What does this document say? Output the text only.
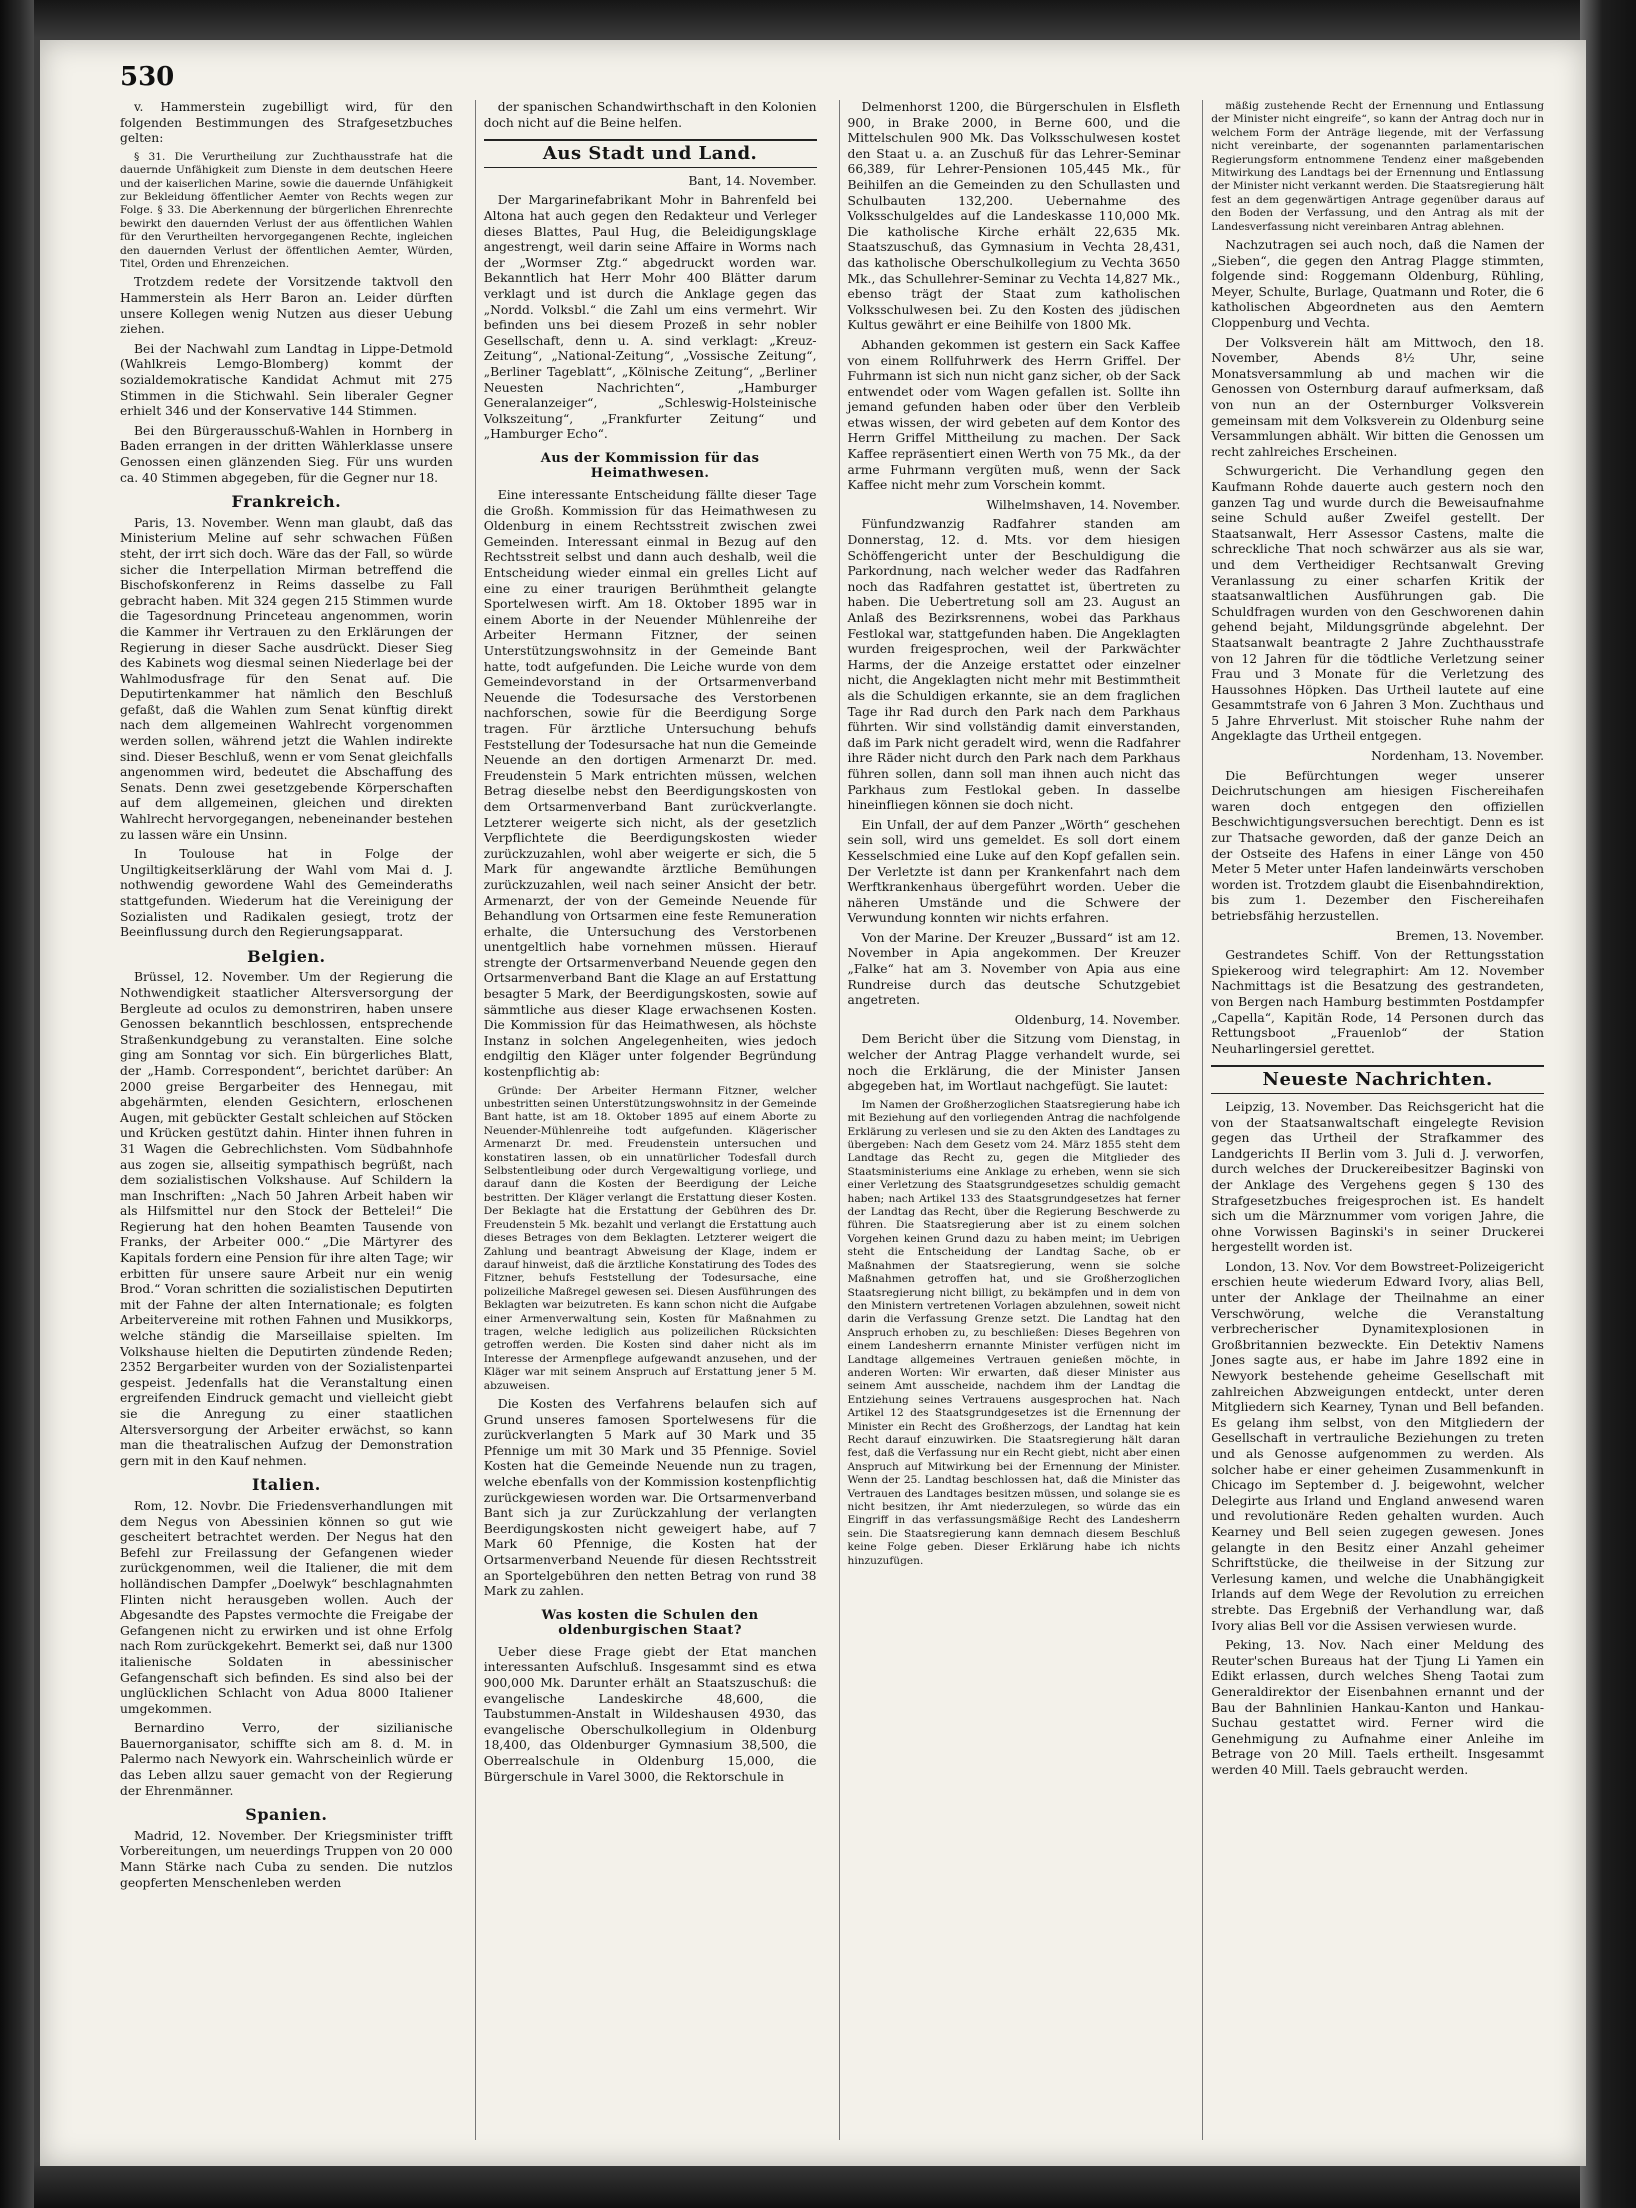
530

v. Hammerstein zugebilligt wird, für den folgenden Bestimmungen des Strafgesetzbuches gelten:

§ 31. Die Verurtheilung zur Zuchthausstrafe hat die dauernde Unfähigkeit zum Dienste in dem deutschen Heere und der kaiserlichen Marine, sowie die dauernde Unfähigkeit zur Bekleidung öffentlicher Aemter von Rechts wegen zur Folge. § 33. Die Aberkennung der bürgerlichen Ehrenrechte bewirkt den dauernden Verlust der aus öffentlichen Wahlen für den Verurtheilten hervorgegangenen Rechte, ingleichen den dauernden Verlust der öffentlichen Aemter, Würden, Titel, Orden und Ehrenzeichen.

Trotzdem redete der Vorsitzende taktvoll den Hammerstein als Herr Baron an. Leider dürften unsere Kollegen wenig Nutzen aus dieser Uebung ziehen.

Bei der Nachwahl zum Landtag in Lippe-Detmold (Wahlkreis Lemgo-Blomberg) kommt der sozialdemokratische Kandidat Achmut mit 275 Stimmen in die Stichwahl. Sein liberaler Gegner erhielt 346 und der Konservative 144 Stimmen.

Bei den Bürgerausschuß-Wahlen in Hornberg in Baden errangen in der dritten Wählerklasse unsere Genossen einen glänzenden Sieg. Für uns wurden ca. 40 Stimmen abgegeben, für die Gegner nur 18.

Frankreich.

Paris, 13. November. Wenn man glaubt, daß das Ministerium Meline auf sehr schwachen Füßen steht, der irrt sich doch. Wäre das der Fall, so würde sicher die Interpellation Mirman betreffend die Bischofskonferenz in Reims dasselbe zu Fall gebracht haben. Mit 324 gegen 215 Stimmen wurde die Tagesordnung Princeteau angenommen, worin die Kammer ihr Vertrauen zu den Erklärungen der Regierung in dieser Sache ausdrückt. Dieser Sieg des Kabinets wog diesmal seinen Niederlage bei der Wahlmodusfrage für den Senat auf. Die Deputirtenkammer hat nämlich den Beschluß gefaßt, daß die Wahlen zum Senat künftig direkt nach dem allgemeinen Wahlrecht vorgenommen werden sollen, während jetzt die Wahlen indirekte sind. Dieser Beschluß, wenn er vom Senat gleichfalls angenommen wird, bedeutet die Abschaffung des Senats. Denn zwei gesetzgebende Körperschaften auf dem allgemeinen, gleichen und direkten Wahlrecht hervorgegangen, nebeneinander bestehen zu lassen wäre ein Unsinn.

In Toulouse hat in Folge der Ungiltigkeitserklärung der Wahl vom Mai d. J. nothwendig gewordene Wahl des Gemeinderaths stattgefunden. Wiederum hat die Vereinigung der Sozialisten und Radikalen gesiegt, trotz der Beeinflussung durch den Regierungsapparat.

Belgien.

Brüssel, 12. November. Um der Regierung die Nothwendigkeit staatlicher Altersversorgung der Bergleute ad oculos zu demonstriren, haben unsere Genossen bekanntlich beschlossen, entsprechende Straßenkundgebung zu veranstalten. Eine solche ging am Sonntag vor sich. Ein bürgerliches Blatt, der „Hamb. Correspondent“, berichtet darüber: An 2000 greise Bergarbeiter des Hennegau, mit abgehärmten, elenden Gesichtern, erloschenen Augen, mit gebückter Gestalt schleichen auf Stöcken und Krücken gestützt dahin. Hinter ihnen fuhren in 31 Wagen die Gebrechlichsten. Vom Südbahnhofe aus zogen sie, allseitig sympathisch begrüßt, nach dem sozialistischen Volkshause. Auf Schildern la man Inschriften: „Nach 50 Jahren Arbeit haben wir als Hilfsmittel nur den Stock der Bettelei!“ Die Regierung hat den hohen Beamten Tausende von Franks, der Arbeiter 000.“ „Die Märtyrer des Kapitals fordern eine Pension für ihre alten Tage; wir erbitten für unsere saure Arbeit nur ein wenig Brod.“ Voran schritten die sozialistischen Deputirten mit der Fahne der alten Internationale; es folgten Arbeitervereine mit rothen Fahnen und Musikkorps, welche ständig die Marseillaise spielten. Im Volkshause hielten die Deputirten zündende Reden; 2352 Bergarbeiter wurden von der Sozialistenpartei gespeist. Jedenfalls hat die Veranstaltung einen ergreifenden Eindruck gemacht und vielleicht giebt sie die Anregung zu einer staatlichen Altersversorgung der Arbeiter erwächst, so kann man die theatralischen Aufzug der Demonstration gern mit in den Kauf nehmen.

Italien.

Rom, 12. Novbr. Die Friedensverhandlungen mit dem Negus von Abessinien können so gut wie gescheitert betrachtet werden. Der Negus hat den Befehl zur Freilassung der Gefangenen wieder zurückgenommen, weil die Italiener, die mit dem holländischen Dampfer „Doelwyk“ beschlagnahmten Flinten nicht herausgeben wollen. Auch der Abgesandte des Papstes vermochte die Freigabe der Gefangenen nicht zu erwirken und ist ohne Erfolg nach Rom zurückgekehrt. Bemerkt sei, daß nur 1300 italienische Soldaten in abessinischer Gefangenschaft sich befinden. Es sind also bei der unglücklichen Schlacht von Adua 8000 Italiener umgekommen.

Bernardino Verro, der sizilianische Bauernorganisator, schiffte sich am 8. d. M. in Palermo nach Newyork ein. Wahrscheinlich würde er das Leben allzu sauer gemacht von der Regierung der Ehrenmänner.

Spanien.

Madrid, 12. November. Der Kriegsminister trifft Vorbereitungen, um neuerdings Truppen von 20 000 Mann Stärke nach Cuba zu senden. Die nutzlos geopferten Menschenleben werden

der spanischen Schandwirthschaft in den Kolonien doch nicht auf die Beine helfen.

Aus Stadt und Land.
Bant, 14. November.

Der Margarinefabrikant Mohr in Bahrenfeld bei Altona hat auch gegen den Redakteur und Verleger dieses Blattes, Paul Hug, die Beleidigungsklage angestrengt, weil darin seine Affaire in Worms nach der „Wormser Ztg.“ abgedruckt worden war. Bekanntlich hat Herr Mohr 400 Blätter darum verklagt und ist durch die Anklage gegen das „Nordd. Volksbl.“ die Zahl um eins vermehrt. Wir befinden uns bei diesem Prozeß in sehr nobler Gesellschaft, denn u. A. sind verklagt: „Kreuz-Zeitung“, „National-Zeitung“, „Vossische Zeitung“, „Berliner Tageblatt“, „Kölnische Zeitung“, „Berliner Neuesten Nachrichten“, „Hamburger Generalanzeiger“, „Schleswig-Holsteinische Volkszeitung“, „Frankfurter Zeitung“ und „Hamburger Echo“.

Aus der Kommission für das Heimathwesen.

Eine interessante Entscheidung fällte dieser Tage die Großh. Kommission für das Heimathwesen zu Oldenburg in einem Rechtsstreit zwischen zwei Gemeinden. Interessant einmal in Bezug auf den Rechtsstreit selbst und dann auch deshalb, weil die Entscheidung wieder einmal ein grelles Licht auf eine zu einer traurigen Berühmtheit gelangte Sportelwesen wirft. Am 18. Oktober 1895 war in einem Aborte in der Neuender Mühlenreihe der Arbeiter Hermann Fitzner, der seinen Unterstützungswohnsitz in der Gemeinde Bant hatte, todt aufgefunden. Die Leiche wurde von dem Gemeindevorstand in der Ortsarmenverband Neuende die Todesursache des Verstorbenen nachforschen, sowie für die Beerdigung Sorge tragen. Für ärztliche Untersuchung behufs Feststellung der Todesursache hat nun die Gemeinde Neuende an den dortigen Armenarzt Dr. med. Freudenstein 5 Mark entrichten müssen, welchen Betrag dieselbe nebst den Beerdigungskosten von dem Ortsarmenverband Bant zurückverlangte. Letzterer weigerte sich nicht, als der gesetzlich Verpflichtete die Beerdigungskosten wieder zurückzuzahlen, wohl aber weigerte er sich, die 5 Mark für angewandte ärztliche Bemühungen zurückzuzahlen, weil nach seiner Ansicht der betr. Armenarzt, der von der Gemeinde Neuende für Behandlung von Ortsarmen eine feste Remuneration erhalte, die Untersuchung des Verstorbenen unentgeltlich habe vornehmen müssen. Hierauf strengte der Ortsarmenverband Neuende gegen den Ortsarmenverband Bant die Klage an auf Erstattung besagter 5 Mark, der Beerdigungskosten, sowie auf sämmtliche aus dieser Klage erwachsenen Kosten. Die Kommission für das Heimathwesen, als höchste Instanz in solchen Angelegenheiten, wies jedoch endgiltig den Kläger unter folgender Begründung kostenpflichtig ab:

Gründe: Der Arbeiter Hermann Fitzner, welcher unbestritten seinen Unterstützungswohnsitz in der Gemeinde Bant hatte, ist am 18. Oktober 1895 auf einem Aborte zu Neuender-Mühlenreihe todt aufgefunden. Klägerischer Armenarzt Dr. med. Freudenstein untersuchen und konstatiren lassen, ob ein unnatürlicher Todesfall durch Selbstentleibung oder durch Vergewaltigung vorliege, und darauf dann die Kosten der Beerdigung der Leiche bestritten. Der Kläger verlangt die Erstattung dieser Kosten. Der Beklagte hat die Erstattung der Gebühren des Dr. Freudenstein 5 Mk. bezahlt und verlangt die Erstattung auch dieses Betrages von dem Beklagten. Letzterer weigert die Zahlung und beantragt Abweisung der Klage, indem er darauf hinweist, daß die ärztliche Konstatirung des Todes des Fitzner, behufs Feststellung der Todesursache, eine polizeiliche Maßregel gewesen sei. Diesen Ausführungen des Beklagten war beizutreten. Es kann schon nicht die Aufgabe einer Armenverwaltung sein, Kosten für Maßnahmen zu tragen, welche lediglich aus polizeilichen Rücksichten getroffen werden. Die Kosten sind daher nicht als im Interesse der Armenpflege aufgewandt anzusehen, und der Kläger war mit seinem Anspruch auf Erstattung jener 5 M. abzuweisen.

Die Kosten des Verfahrens belaufen sich auf Grund unseres famosen Sportelwesens für die zurückverlangten 5 Mark auf 30 Mark und 35 Pfennige um mit 30 Mark und 35 Pfennige. Soviel Kosten hat die Gemeinde Neuende nun zu tragen, welche ebenfalls von der Kommission kostenpflichtig zurückgewiesen worden war. Die Ortsarmenverband Bant sich ja zur Zurückzahlung der verlangten Beerdigungskosten nicht geweigert habe, auf 7 Mark 60 Pfennige, die Kosten hat der Ortsarmenverband Neuende für diesen Rechtsstreit an Sportelgebühren den netten Betrag von rund 38 Mark zu zahlen.

Was kosten die Schulen den oldenburgischen Staat?

Ueber diese Frage giebt der Etat manchen interessanten Aufschluß. Insgesammt sind es etwa 900,000 Mk. Darunter erhält an Staatszuschuß: die evangelische Landeskirche 48,600, die Taubstummen-Anstalt in Wildeshausen 4930, das evangelische Oberschulkollegium in Oldenburg 18,400, das Oldenburger Gymnasium 38,500, die Oberrealschule in Oldenburg 15,000, die Bürgerschule in Varel 3000, die Rektorschule in

Delmenhorst 1200, die Bürgerschulen in Elsfleth 900, in Brake 2000, in Berne 600, und die Mittelschulen 900 Mk. Das Volksschulwesen kostet den Staat u. a. an Zuschuß für das Lehrer-Seminar 66,389, für Lehrer-Pensionen 105,445 Mk., für Beihilfen an die Gemeinden zu den Schullasten und Schulbauten 132,200. Uebernahme des Volksschulgeldes auf die Landeskasse 110,000 Mk. Die katholische Kirche erhält 22,635 Mk. Staatszuschuß, das Gymnasium in Vechta 28,431, das katholische Oberschulkollegium zu Vechta 3650 Mk., das Schullehrer-Seminar zu Vechta 14,827 Mk., ebenso trägt der Staat zum katholischen Volksschulwesen bei. Zu den Kosten des jüdischen Kultus gewährt er eine Beihilfe von 1800 Mk.

Abhanden gekommen ist gestern ein Sack Kaffee von einem Rollfuhrwerk des Herrn Griffel. Der Fuhrmann ist sich nun nicht ganz sicher, ob der Sack entwendet oder vom Wagen gefallen ist. Sollte ihn jemand gefunden haben oder über den Verbleib etwas wissen, der wird gebeten auf dem Kontor des Herrn Griffel Mittheilung zu machen. Der Sack Kaffee repräsentiert einen Werth von 75 Mk., da der arme Fuhrmann vergüten muß, wenn der Sack Kaffee nicht mehr zum Vorschein kommt.

Wilhelmshaven, 14. November.

Fünfundzwanzig Radfahrer standen am Donnerstag, 12. d. Mts. vor dem hiesigen Schöffengericht unter der Beschuldigung die Parkordnung, nach welcher weder das Radfahren noch das Radfahren gestattet ist, übertreten zu haben. Die Uebertretung soll am 23. August an Anlaß des Bezirksrennens, wobei das Parkhaus Festlokal war, stattgefunden haben. Die Angeklagten wurden freigesprochen, weil der Parkwächter Harms, der die Anzeige erstattet oder einzelner nicht, die Angeklagten nicht mehr mit Bestimmtheit als die Schuldigen erkannte, sie an dem fraglichen Tage ihr Rad durch den Park nach dem Parkhaus führten. Wir sind vollständig damit einverstanden, daß im Park nicht geradelt wird, wenn die Radfahrer ihre Räder nicht durch den Park nach dem Parkhaus führen sollen, dann soll man ihnen auch nicht das Parkhaus zum Festlokal geben. In dasselbe hineinfliegen können sie doch nicht.

Ein Unfall, der auf dem Panzer „Wörth“ geschehen sein soll, wird uns gemeldet. Es soll dort einem Kesselschmied eine Luke auf den Kopf gefallen sein. Der Verletzte ist dann per Krankenfahrt nach dem Werftkrankenhaus übergeführt worden. Ueber die näheren Umstände und die Schwere der Verwundung konnten wir nichts erfahren.

Von der Marine. Der Kreuzer „Bussard“ ist am 12. November in Apia angekommen. Der Kreuzer „Falke“ hat am 3. November von Apia aus eine Rundreise durch das deutsche Schutzgebiet angetreten.

Oldenburg, 14. November.

Dem Bericht über die Sitzung vom Dienstag, in welcher der Antrag Plagge verhandelt wurde, sei noch die Erklärung, die der Minister Jansen abgegeben hat, im Wortlaut nachgefügt. Sie lautet:

Im Namen der Großherzoglichen Staatsregierung habe ich mit Beziehung auf den vorliegenden Antrag die nachfolgende Erklärung zu verlesen und sie zu den Akten des Landtages zu übergeben: Nach dem Gesetz vom 24. März 1855 steht dem Landtage das Recht zu, gegen die Mitglieder des Staatsministeriums eine Anklage zu erheben, wenn sie sich einer Verletzung des Staatsgrundgesetzes schuldig gemacht haben; nach Artikel 133 des Staatsgrundgesetzes hat ferner der Landtag das Recht, über die Regierung Beschwerde zu führen. Die Staatsregierung aber ist zu einem solchen Vorgehen keinen Grund dazu zu haben meint; im Uebrigen steht die Entscheidung der Landtag Sache, ob er Maßnahmen der Staatsregierung, wenn sie solche Maßnahmen getroffen hat, und sie Großherzoglichen Staatsregierung nicht billigt, zu bekämpfen und in dem von den Ministern vertretenen Vorlagen abzulehnen, soweit nicht darin die Verfassung Grenze setzt. Die Landtag hat den Anspruch erhoben zu, zu beschließen: Dieses Begehren von einem Landesherrn ernannte Minister verfügen nicht im Landtage allgemeines Vertrauen genießen möchte, in anderen Worten: Wir erwarten, daß dieser Minister aus seinem Amt ausscheide, nachdem ihm der Landtag die Entziehung seines Vertrauens ausgesprochen hat. Nach Artikel 12 des Staatsgrundgesetzes ist die Ernennung der Minister ein Recht des Großherzogs, der Landtag hat kein Recht darauf einzuwirken. Die Staatsregierung hält daran fest, daß die Verfassung nur ein Recht giebt, nicht aber einen Anspruch auf Mitwirkung bei der Ernennung der Minister. Wenn der 25. Landtag beschlossen hat, daß die Minister das Vertrauen des Landtages besitzen müssen, und solange sie es nicht besitzen, ihr Amt niederzulegen, so würde das ein Eingriff in das verfassungsmäßige Recht des Landesherrn sein. Die Staatsregierung kann demnach diesem Beschluß keine Folge geben. Dieser Erklärung habe ich nichts hinzuzufügen.

mäßig zustehende Recht der Ernennung und Entlassung der Minister nicht eingreife“, so kann der Antrag doch nur in welchem Form der Anträge liegende, mit der Verfassung nicht vereinbarte, der sogenannten parlamentarischen Regierungsform entnommene Tendenz einer maßgebenden Mitwirkung des Landtags bei der Ernennung und Entlassung der Minister nicht verkannt werden. Die Staatsregierung hält fest an dem gegenwärtigen Antrage gegenüber daraus auf den Boden der Verfassung, und den Antrag als mit der Landesverfassung nicht vereinbaren Antrag ablehnen.

Nachzutragen sei auch noch, daß die Namen der „Sieben“, die gegen den Antrag Plagge stimmten, folgende sind: Roggemann Oldenburg, Rühling, Meyer, Schulte, Burlage, Quatmann und Roter, die 6 katholischen Abgeordneten aus den Aemtern Cloppenburg und Vechta.

Der Volksverein hält am Mittwoch, den 18. November, Abends 8½ Uhr, seine Monatsversammlung ab und machen wir die Genossen von Osternburg darauf aufmerksam, daß von nun an der Osternburger Volksverein gemeinsam mit dem Volksverein zu Oldenburg seine Versammlungen abhält. Wir bitten die Genossen um recht zahlreiches Erscheinen.

Schwurgericht. Die Verhandlung gegen den Kaufmann Rohde dauerte auch gestern noch den ganzen Tag und wurde durch die Beweisaufnahme seine Schuld außer Zweifel gestellt. Der Staatsanwalt, Herr Assessor Castens, malte die schreckliche That noch schwärzer aus als sie war, und dem Vertheidiger Rechtsanwalt Greving Veranlassung zu einer scharfen Kritik der staatsanwaltlichen Ausführungen gab. Die Schuldfragen wurden von den Geschworenen dahin gehend bejaht, Mildungsgründe abgelehnt. Der Staatsanwalt beantragte 2 Jahre Zuchthausstrafe von 12 Jahren für die tödtliche Verletzung seiner Frau und 3 Monate für die Verletzung des Haussohnes Höpken. Das Urtheil lautete auf eine Gesammtstrafe von 6 Jahren 3 Mon. Zuchthaus und 5 Jahre Ehrverlust. Mit stoischer Ruhe nahm der Angeklagte das Urtheil entgegen.

Nordenham, 13. November.

Die Befürchtungen weger unserer Deichrutschungen am hiesigen Fischereihafen waren doch entgegen den offiziellen Beschwichtigungsversuchen berechtigt. Denn es ist zur Thatsache geworden, daß der ganze Deich an der Ostseite des Hafens in einer Länge von 450 Meter 5 Meter unter Hafen landeinwärts verschoben worden ist. Trotzdem glaubt die Eisenbahndirektion, bis zum 1. Dezember den Fischereihafen betriebsfähig herzustellen.

Bremen, 13. November.

Gestrandetes Schiff. Von der Rettungsstation Spiekeroog wird telegraphirt: Am 12. November Nachmittags ist die Besatzung des gestrandeten, von Bergen nach Hamburg bestimmten Postdampfer „Capella“, Kapitän Rode, 14 Personen durch das Rettungsboot „Frauenlob“ der Station Neuharlingersiel gerettet.

Neueste Nachrichten.

Leipzig, 13. November. Das Reichsgericht hat die von der Staatsanwaltschaft eingelegte Revision gegen das Urtheil der Strafkammer des Landgerichts II Berlin vom 3. Juli d. J. verworfen, durch welches der Druckereibesitzer Baginski von der Anklage des Vergehens gegen § 130 des Strafgesetzbuches freigesprochen ist. Es handelt sich um die Märznummer vom vorigen Jahre, die ohne Vorwissen Baginski's in seiner Druckerei hergestellt worden ist.

London, 13. Nov. Vor dem Bowstreet-Polizeigericht erschien heute wiederum Edward Ivory, alias Bell, unter der Anklage der Theilnahme an einer Verschwörung, welche die Veranstaltung verbrecherischer Dynamitexplosionen in Großbritannien bezweckte. Ein Detektiv Namens Jones sagte aus, er habe im Jahre 1892 eine in Newyork bestehende geheime Gesellschaft mit zahlreichen Abzweigungen entdeckt, unter deren Mitgliedern sich Kearney, Tynan und Bell befanden. Es gelang ihm selbst, von den Mitgliedern der Gesellschaft in vertrauliche Beziehungen zu treten und als Genosse aufgenommen zu werden. Als solcher habe er einer geheimen Zusammenkunft in Chicago im September d. J. beigewohnt, welcher Delegirte aus Irland und England anwesend waren und revolutionäre Reden gehalten wurden. Auch Kearney und Bell seien zugegen gewesen. Jones gelangte in den Besitz einer Anzahl geheimer Schriftstücke, die theilweise in der Sitzung zur Verlesung kamen, und welche die Unabhängigkeit Irlands auf dem Wege der Revolution zu erreichen strebte. Das Ergebniß der Verhandlung war, daß Ivory alias Bell vor die Assisen verwiesen wurde.

Peking, 13. Nov. Nach einer Meldung des Reuter'schen Bureaus hat der Tjung Li Yamen ein Edikt erlassen, durch welches Sheng Taotai zum Generaldirektor der Eisenbahnen ernannt und der Bau der Bahnlinien Hankau-Kanton und Hankau-Suchau gestattet wird. Ferner wird die Genehmigung zu Aufnahme einer Anleihe im Betrage von 20 Mill. Taels ertheilt. Insgesammt werden 40 Mill. Taels gebraucht werden.
